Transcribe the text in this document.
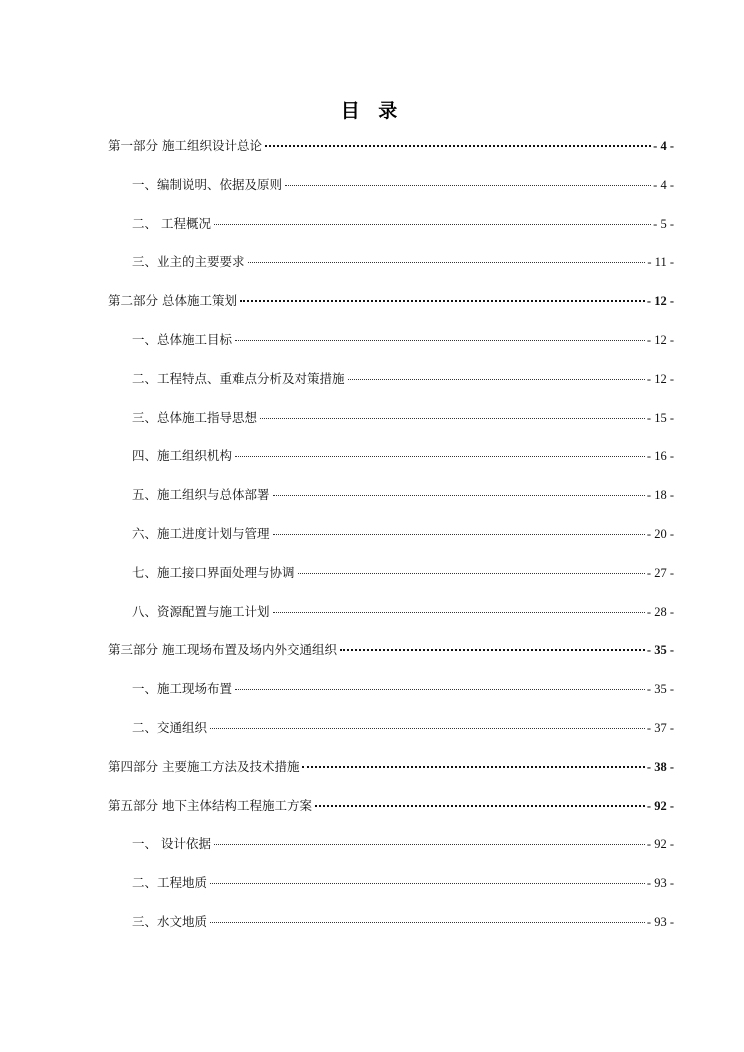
目 录
第一部分 施工组织设计总论	- 4 -
一、编制说明、依据及原则	- 4 -
二、 工程概况	- 5 -
三、业主的主要要求	- 11 -
第二部分 总体施工策划	- 12 -
一、总体施工目标	- 12 -
二、工程特点、重难点分析及对策措施	- 12 -
三、总体施工指导思想	- 15 -
四、施工组织机构	- 16 -
五、施工组织与总体部署	- 18 -
六、施工进度计划与管理	- 20 -
七、施工接口界面处理与协调	- 27 -
八、资源配置与施工计划	- 28 -
第三部分 施工现场布置及场内外交通组织	- 35 -
一、施工现场布置	- 35 -
二、交通组织	- 37 -
第四部分 主要施工方法及技术措施	- 38 -
第五部分 地下主体结构工程施工方案	- 92 -
一、 设计依据	- 92 -
二、工程地质	- 93 -
三、水文地质	- 93 -
